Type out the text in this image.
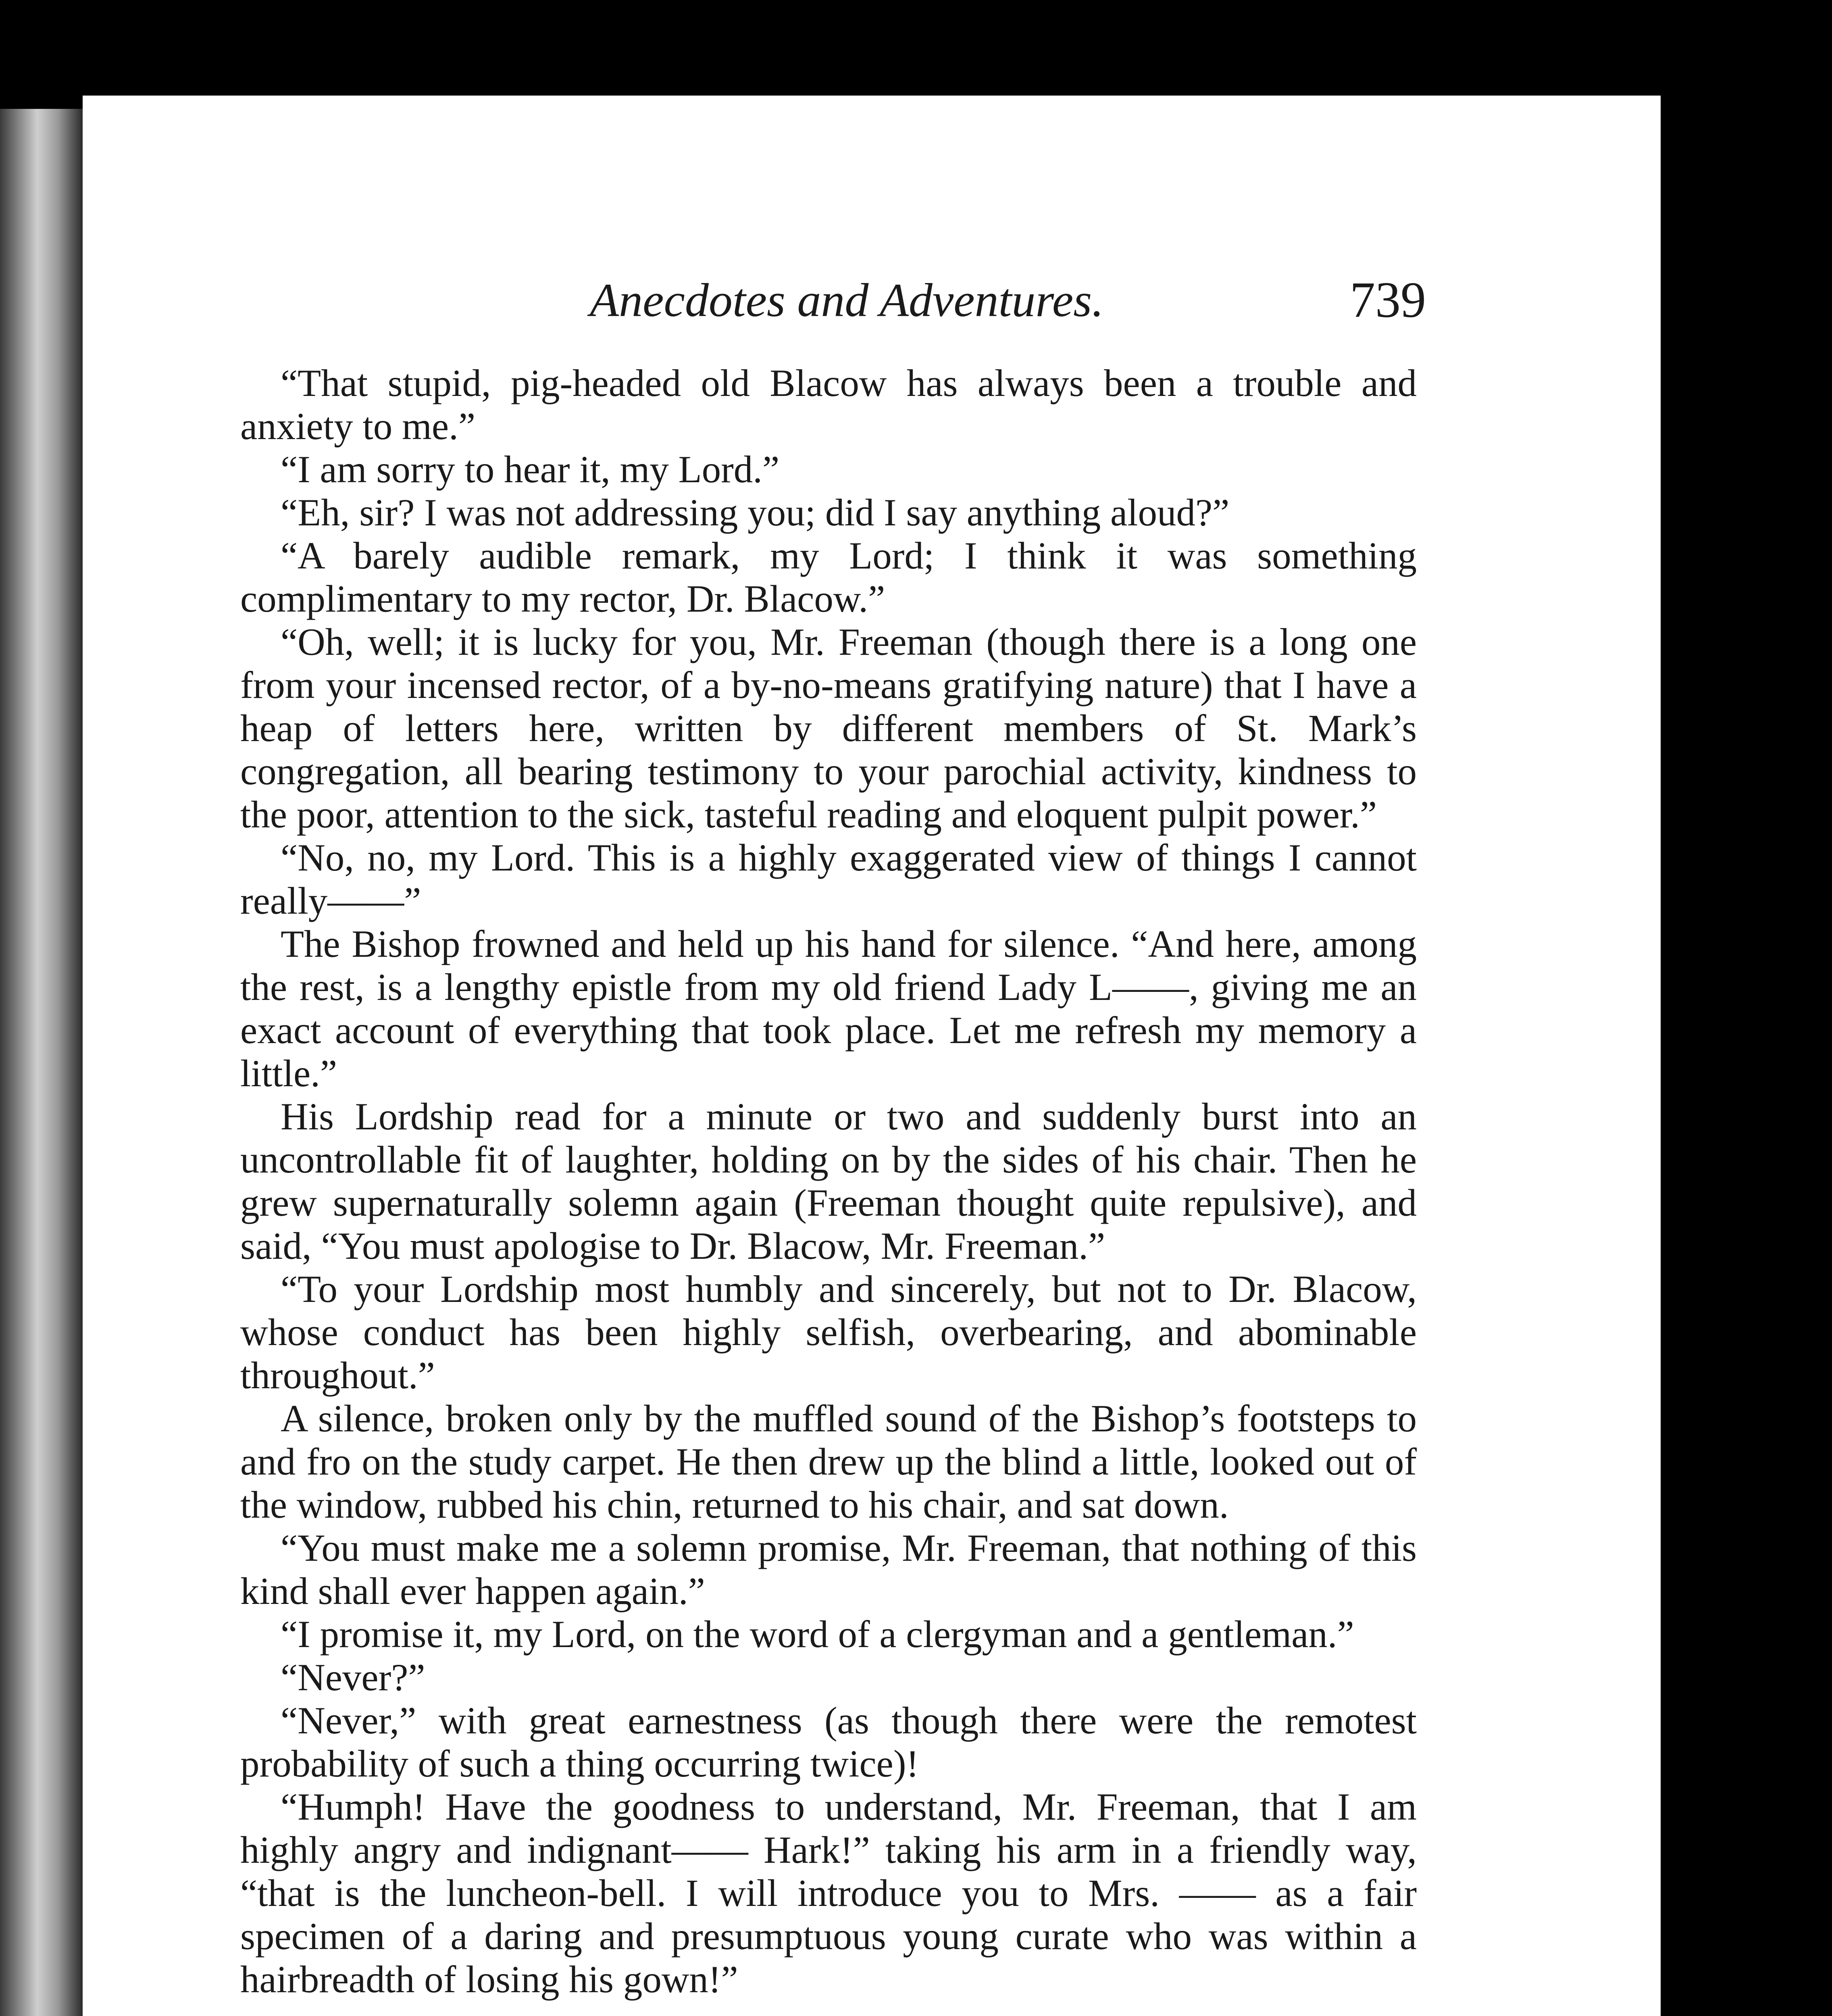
Anecdotes and Adventures.	739

“That stupid, pig-headed old Blacow has always been a trouble and anxiety to me.”

“I am sorry to hear it, my Lord.”

“Eh, sir? I was not addressing you; did I say anything aloud?”

“A barely audible remark, my Lord; I think it was something complimentary to my rector, Dr. Blacow.”

“Oh, well; it is lucky for you, Mr. Freeman (though there is a long one from your incensed rector, of a by-no-means gratifying nature) that I have a heap of letters here, written by different members of St. Mark’s congregation, all bearing testimony to your parochial activity, kindness to the poor, attention to the sick, tasteful reading and eloquent pulpit power.”

“No, no, my Lord. This is a highly exaggerated view of things I cannot really——”

The Bishop frowned and held up his hand for silence. “And here, among the rest, is a lengthy epistle from my old friend Lady L——, giving me an exact account of everything that took place. Let me refresh my memory a little.”

His Lordship read for a minute or two and suddenly burst into an uncontrollable fit of laughter, holding on by the sides of his chair. Then he grew supernaturally solemn again (Freeman thought quite repulsive), and said, “You must apologise to Dr. Blacow, Mr. Freeman.”

“To your Lordship most humbly and sincerely, but not to Dr. Blacow, whose conduct has been highly selfish, overbearing, and abominable throughout.”

A silence, broken only by the muffled sound of the Bishop’s footsteps to and fro on the study carpet. He then drew up the blind a little, looked out of the window, rubbed his chin, returned to his chair, and sat down.

“You must make me a solemn promise, Mr. Freeman, that nothing of this kind shall ever happen again.”

“I promise it, my Lord, on the word of a clergyman and a gentleman.”

“Never?”

“Never,” with great earnestness (as though there were the remotest probability of such a thing occurring twice)!

“Humph! Have the goodness to understand, Mr. Freeman, that I am highly angry and indignant—— Hark!” taking his arm in a friendly way, “that is the luncheon-bell. I will introduce you to Mrs. —— as a fair specimen of a daring and presumptuous young curate who was within a hairbreadth of losing his gown!”
